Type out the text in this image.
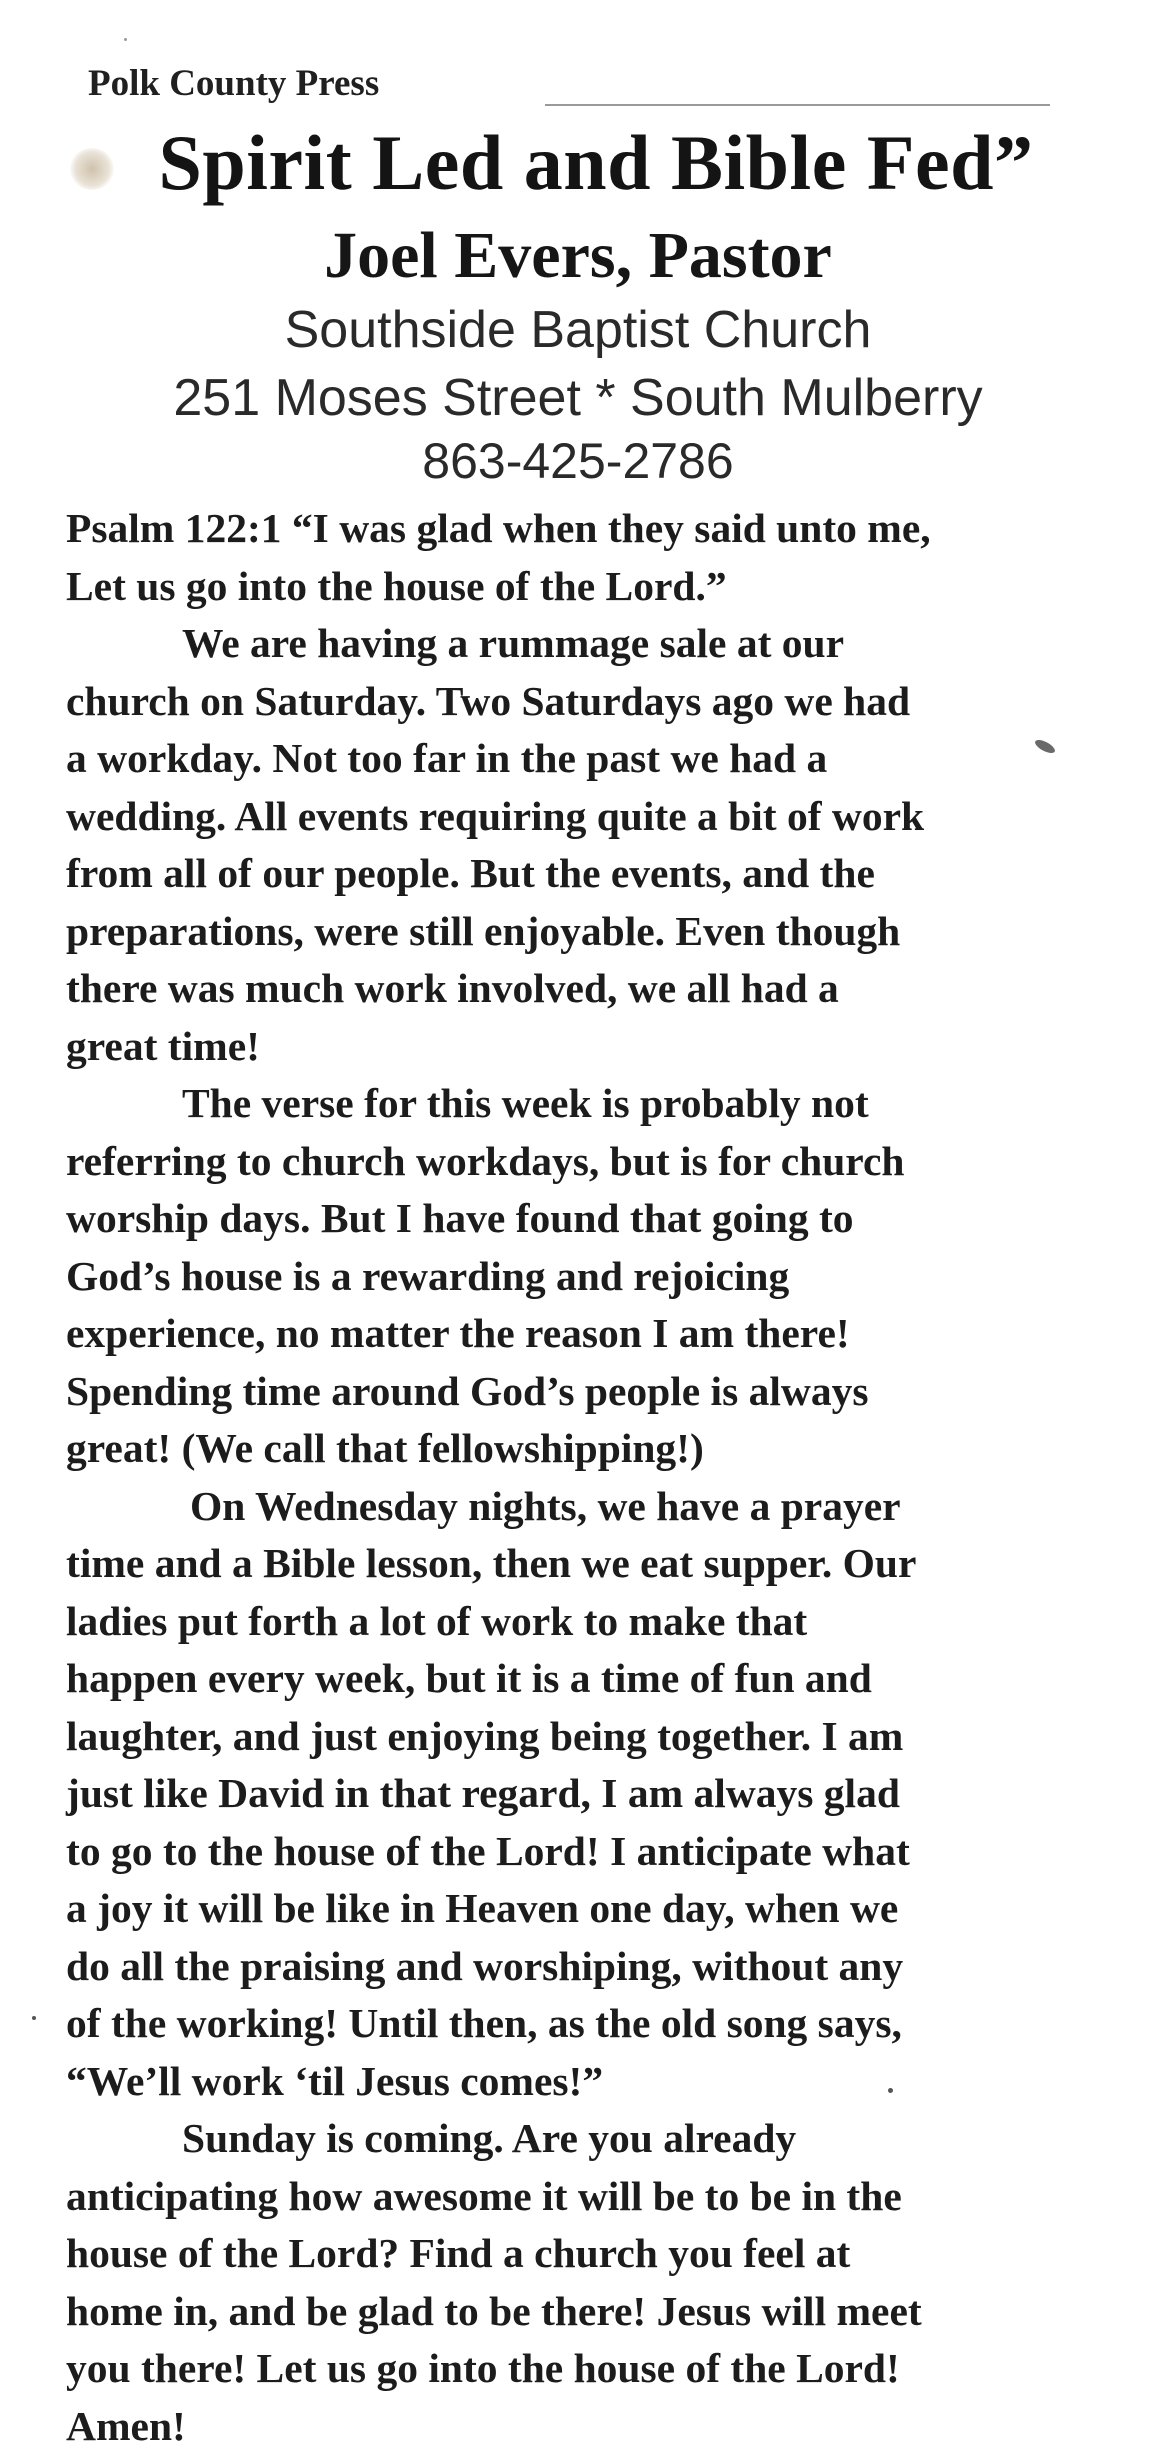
Polk County Press
Spirit Led and Bible Fed”
Joel Evers, Pastor
Southside Baptist Church
251 Moses Street * South Mulberry
863-425-2786
Psalm 122:1 “I was glad when they said unto me,
Let us go into the house of the Lord.”

We are having a rummage sale at our
church on Saturday. Two Saturdays ago we had
a workday. Not too far in the past we had a
wedding. All events requiring quite a bit of work
from all of our people. But the events, and the
preparations, were still enjoyable. Even though
there was much work involved, we all had a
great time!

The verse for this week is probably not
referring to church workdays, but is for church
worship days. But I have found that going to
God’s house is a rewarding and rejoicing
experience, no matter the reason I am there!
Spending time around God’s people is always
great! (We call that fellowshipping!)

On Wednesday nights, we have a prayer
time and a Bible lesson, then we eat supper. Our
ladies put forth a lot of work to make that
happen every week, but it is a time of fun and
laughter, and just enjoying being together. I am
just like David in that regard, I am always glad
to go to the house of the Lord! I anticipate what
a joy it will be like in Heaven one day, when we
do all the praising and worshiping, without any
of the working! Until then, as the old song says,
“We’ll work ‘til Jesus comes!”

Sunday is coming. Are you already
anticipating how awesome it will be to be in the
house of the Lord? Find a church you feel at
home in, and be glad to be there! Jesus will meet
you there! Let us go into the house of the Lord!
Amen!
